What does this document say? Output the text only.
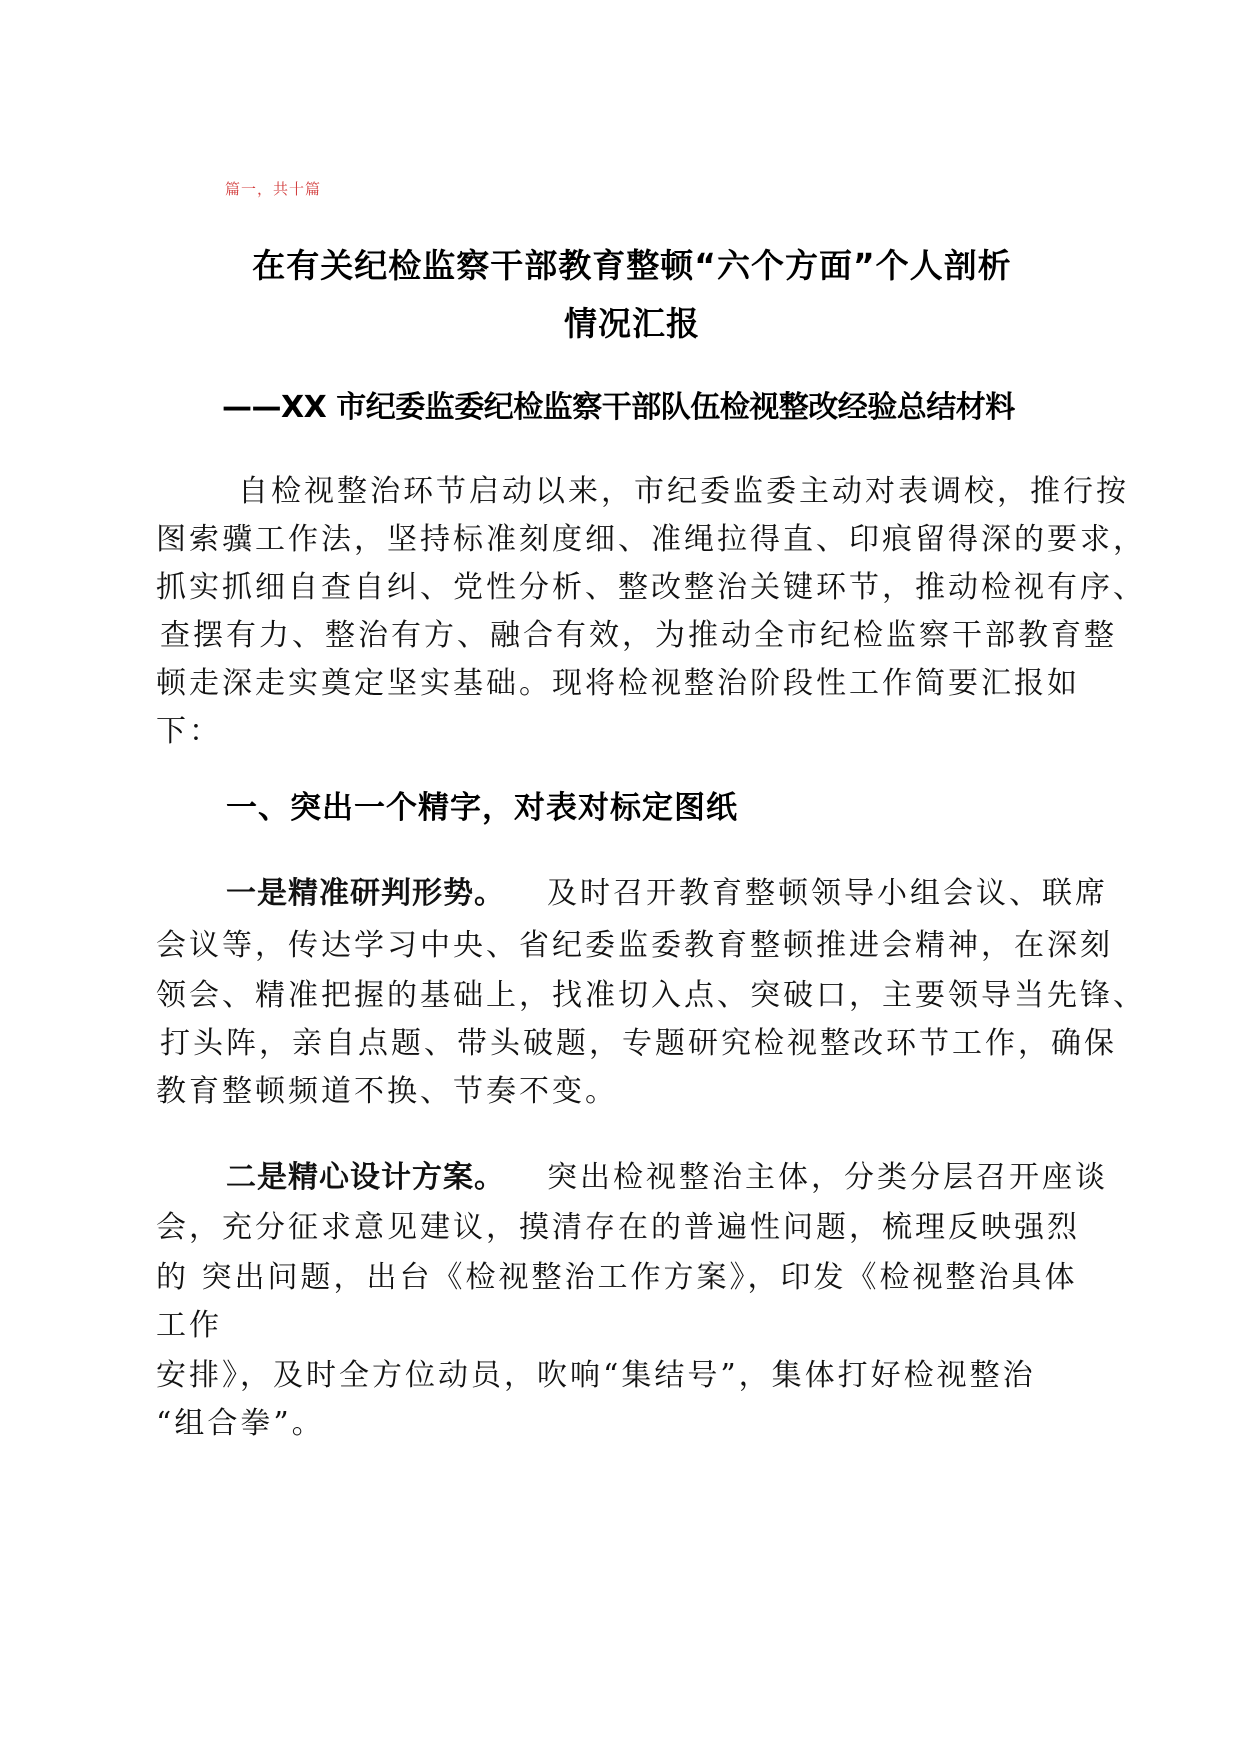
篇一，共十篇
在有关纪检监察干部教育整顿“六个方面”个人剖析
情况汇报
——XX 市纪委监委纪检监察干部队伍检视整改经验总结材料
自检视整治环节启动以来，市纪委监委主动对表调校，推行按
图索骥工作法，坚持标准刻度细、准绳拉得直、印痕留得深的要求，
抓实抓细自查自纠、党性分析、整改整治关键环节，推动检视有序、
查摆有力、整治有方、融合有效，为推动全市纪检监察干部教育整
顿走深走实奠定坚实基础。现将检视整治阶段性工作简要汇报如
下：
一、突出一个精字，对表对标定图纸
一是精准研判形势。 及时召开教育整顿领导小组会议、联席
会议等，传达学习中央、省纪委监委教育整顿推进会精神，在深刻
领会、精准把握的基础上，找准切入点、突破口，主要领导当先锋、
打头阵，亲自点题、带头破题，专题研究检视整改环节工作，确保
教育整顿频道不换、节奏不变。
二是精心设计方案。 突出检视整治主体，分类分层召开座谈
会，充分征求意见建议，摸清存在的普遍性问题，梳理反映强烈
的 突出问题，出台《检视整治工作方案》，印发《检视整治具体
工作
安排》，及时全方位动员，吹响“集结号”，集体打好检视整治
“组合拳”。
